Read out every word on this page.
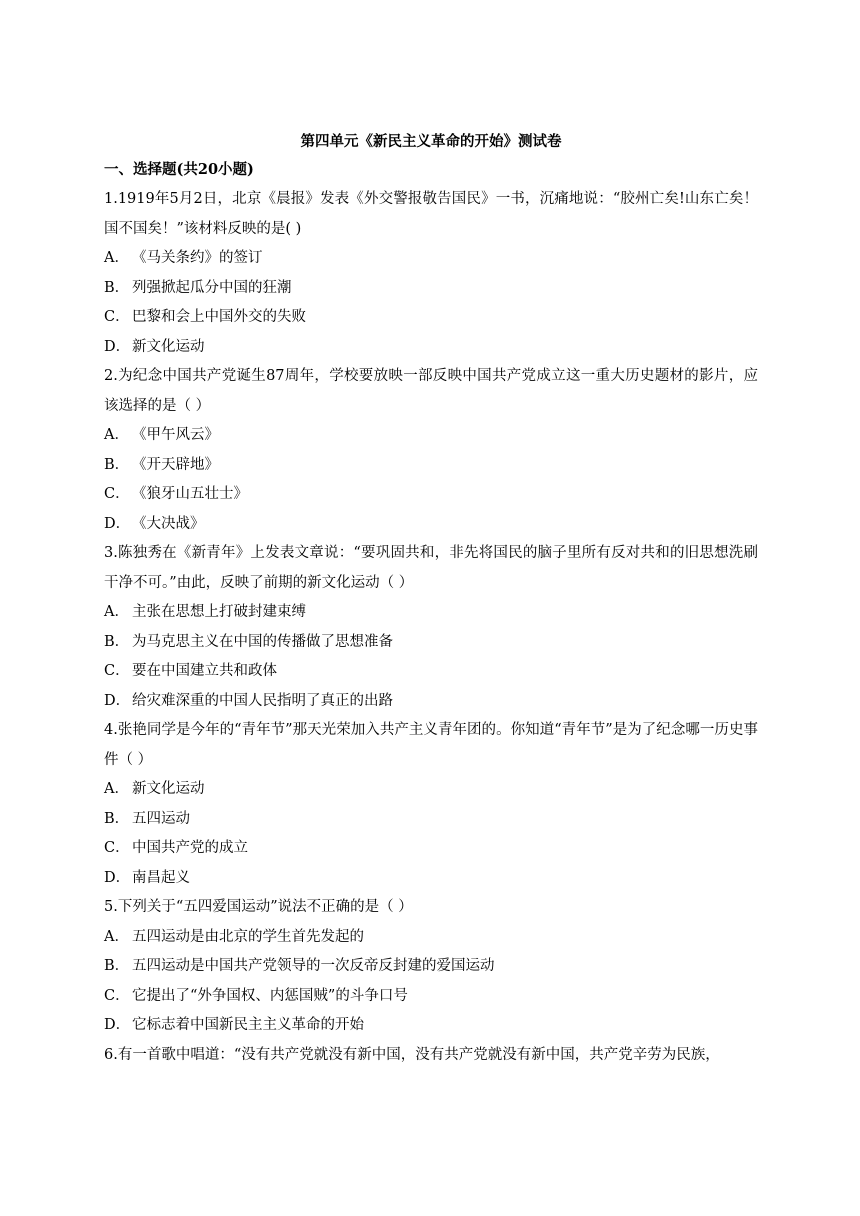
第四单元《新民主义革命的开始》测试卷

一、选择题(共20小题)

1.1919年5月2日，北京《晨报》发表《外交警报敬告国民》一书，沉痛地说：“胶州亡矣!山东亡矣！国不国矣！”该材料反映的是( )

A． 《马关条约》的签订

B． 列强掀起瓜分中国的狂潮

C． 巴黎和会上中国外交的失败

D． 新文化运动

2.为纪念中国共产党诞生87周年，学校要放映一部反映中国共产党成立这一重大历史题材的影片，应该选择的是（ ）

A． 《甲午风云》

B． 《开天辟地》

C． 《狼牙山五壮士》

D． 《大决战》

3.陈独秀在《新青年》上发表文章说：“要巩固共和，非先将国民的脑子里所有反对共和的旧思想洗刷干净不可。”由此，反映了前期的新文化运动（ ）

A． 主张在思想上打破封建束缚

B． 为马克思主义在中国的传播做了思想准备

C． 要在中国建立共和政体

D． 给灾难深重的中国人民指明了真正的出路

4.张艳同学是今年的“青年节”那天光荣加入共产主义青年团的。你知道“青年节”是为了纪念哪一历史事件（ ）

A． 新文化运动

B． 五四运动

C． 中国共产党的成立

D． 南昌起义

5.下列关于“五四爱国运动”说法不正确的是（ ）

A． 五四运动是由北京的学生首先发起的

B． 五四运动是中国共产党领导的一次反帝反封建的爱国运动

C． 它提出了“外争国权、内惩国贼”的斗争口号

D． 它标志着中国新民主主义革命的开始

6.有一首歌中唱道：“没有共产党就没有新中国，没有共产党就没有新中国，共产党辛劳为民族，
